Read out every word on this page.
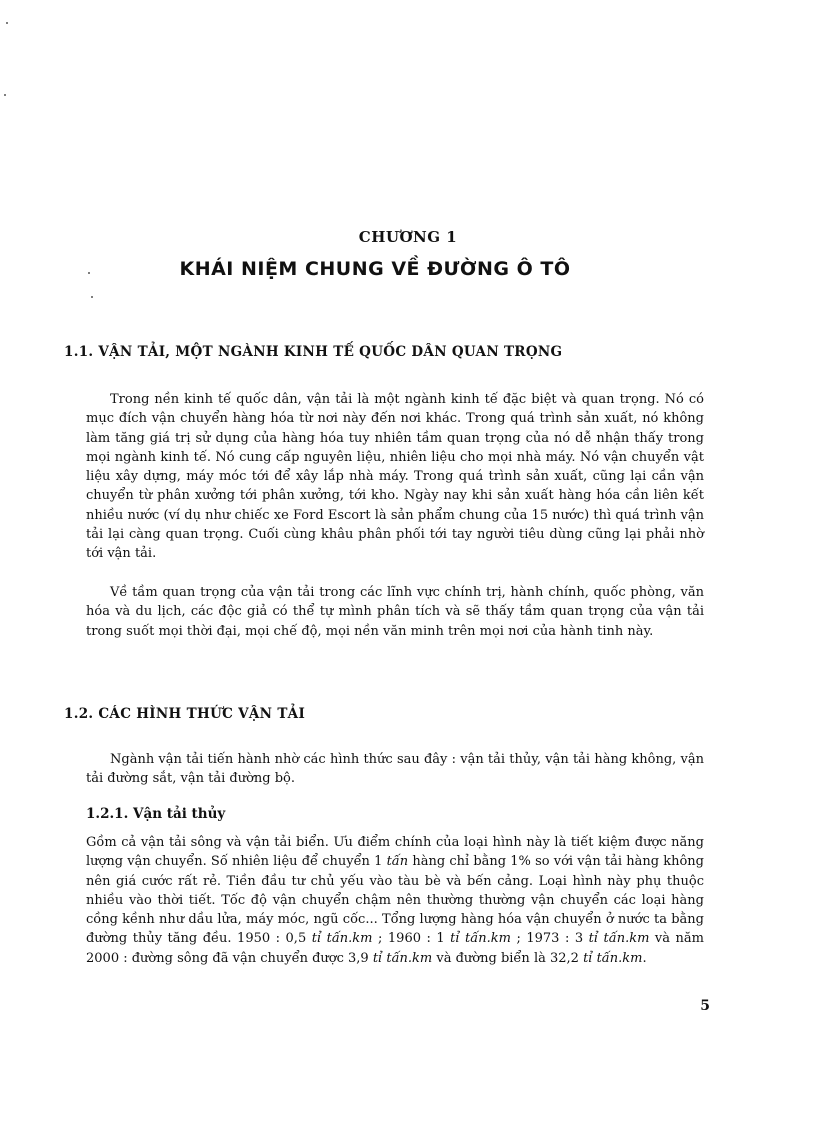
CHƯƠNG 1
KHÁI NIỆM CHUNG VỀ ĐƯỜNG Ô TÔ
1.1. VẬN TẢI, MỘT NGÀNH KINH TẾ QUỐC DÂN QUAN TRỌNG

Trong nền kinh tế quốc dân, vận tải là một ngành kinh tế đặc biệt và quan trọng. Nó có mục đích vận chuyển hàng hóa từ nơi này đến nơi khác. Trong quá trình sản xuất, nó không làm tăng giá trị sử dụng của hàng hóa tuy nhiên tầm quan trọng của nó dễ nhận thấy trong mọi ngành kinh tế. Nó cung cấp nguyên liệu, nhiên liệu cho mọi nhà máy. Nó vận chuyển vật liệu xây dựng, máy móc tới để xây lắp nhà máy. Trong quá trình sản xuất, cũng lại cần vận chuyển từ phân xưởng tới phân xưởng, tới kho. Ngày nay khi sản xuất hàng hóa cần liên kết nhiều nước (ví dụ như chiếc xe Ford Escort là sản phẩm chung của 15 nước) thì quá trình vận tải lại càng quan trọng. Cuối cùng khâu phân phối tới tay người tiêu dùng cũng lại phải nhờ tới vận tải.

Về tầm quan trọng của vận tải trong các lĩnh vực chính trị, hành chính, quốc phòng, văn hóa và du lịch, các độc giả có thể tự mình phân tích và sẽ thấy tầm quan trọng của vận tải trong suốt mọi thời đại, mọi chế độ, mọi nền văn minh trên mọi nơi của hành tinh này.

1.2. CÁC HÌNH THỨC VẬN TẢI

Ngành vận tải tiến hành nhờ các hình thức sau đây : vận tải thủy, vận tải hàng không, vận tải đường sắt, vận tải đường bộ.

1.2.1. Vận tải thủy

Gồm cả vận tải sông và vận tải biển. Ưu điểm chính của loại hình này là tiết kiệm được năng lượng vận chuyển. Số nhiên liệu để chuyển 1 tấn hàng chỉ bằng 1% so với vận tải hàng không nên giá cước rất rẻ. Tiền đầu tư chủ yếu vào tàu bè và bến cảng. Loại hình này phụ thuộc nhiều vào thời tiết. Tốc độ vận chuyển chậm nên thường thường vận chuyển các loại hàng cồng kềnh như dầu lửa, máy móc, ngũ cốc... Tổng lượng hàng hóa vận chuyển ở nước ta bằng đường thủy tăng đều. 1950 : 0,5 tỉ tấn.km ; 1960 : 1 tỉ tấn.km ; 1973 : 3 tỉ tấn.km và năm 2000 : đường sông đã vận chuyển được 3,9 tỉ tấn.km và đường biển là 32,2 tỉ tấn.km.

5
